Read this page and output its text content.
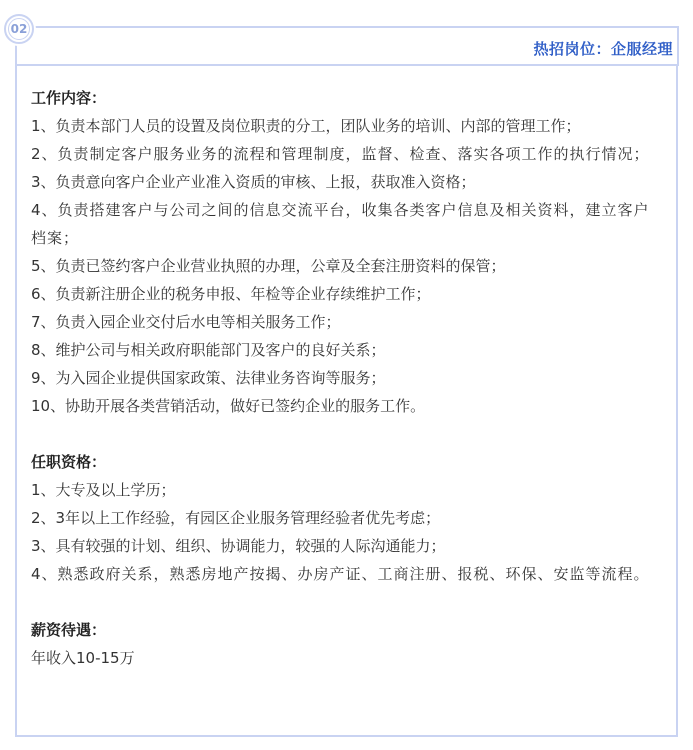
热招岗位：企服经理
02
工作内容：
1、负责本部门人员的设置及岗位职责的分工，团队业务的培训、内部的管理工作；
2、负责制定客户服务业务的流程和管理制度，监督、检查、落实各项工作的执行情况；
3、负责意向客户企业产业准入资质的审核、上报，获取准入资格；
4、负责搭建客户与公司之间的信息交流平台，收集各类客户信息及相关资料，建立客户档案；
5、负责已签约客户企业营业执照的办理，公章及全套注册资料的保管；
6、负责新注册企业的税务申报、年检等企业存续维护工作；
7、负责入园企业交付后水电等相关服务工作；
8、维护公司与相关政府职能部门及客户的良好关系；
9、为入园企业提供国家政策、法律业务咨询等服务；
10、协助开展各类营销活动，做好已签约企业的服务工作。
任职资格：
1、大专及以上学历；
2、3年以上工作经验，有园区企业服务管理经验者优先考虑；
3、具有较强的计划、组织、协调能力，较强的人际沟通能力；
4、熟悉政府关系，熟悉房地产按揭、办房产证、工商注册、报税、环保、安监等流程。
薪资待遇：
年收入10-15万
